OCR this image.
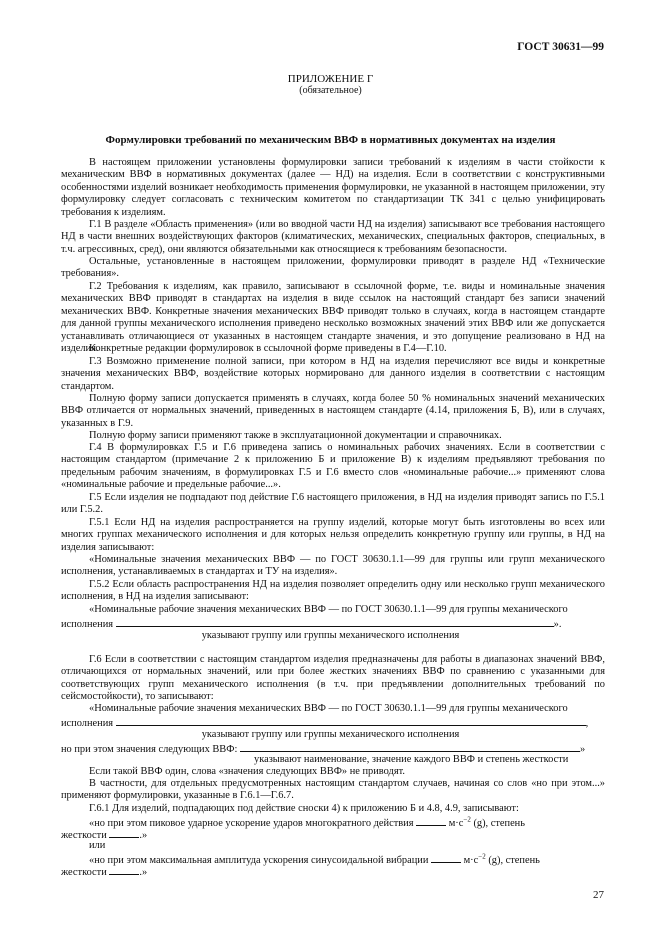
ГОСТ 30631—99
ПРИЛОЖЕНИЕ Г
(обязательное)
Формулировки требований по механическим ВВФ в нормативных документах на изделия
В настоящем приложении установлены формулировки записи требований к изделиям в части стойкости к механическим ВВФ в нормативных документах (далее — НД) на изделия. Если в соответствии с конструктивными особенностями изделий возникает необходимость применения формулировки, не указанной в настоящем приложении, эту формулировку следует согласовать с техническим комитетом по стандартизации ТК 341 с целью унифицировать требования к изделиям.
Г.1 В разделе «Область применения» (или во вводной части НД на изделия) записывают все требования настоящего НД в части внешних воздействующих факторов (климатических, механических, специальных факторов, специальных, в т.ч. агрессивных, сред), они являются обязательными как относящиеся к требованиям безопасности.
Остальные, установленные в настоящем приложении, формулировки приводят в разделе НД «Технические требования».
Г.2 Требования к изделиям, как правило, записывают в ссылочной форме, т.е. виды и номинальные значения механических ВВФ приводят в стандартах на изделия в виде ссылок на настоящий стандарт без записи значений механических ВВФ. Конкретные значения механических ВВФ приводят только в случаях, когда в настоящем стандарте для данной группы механического исполнения приведено несколько возможных значений этих ВВФ или же допускается устанавливать отличающиеся от указанных в настоящем стандарте значения, и это допущение реализовано в НД на изделия.
Конкретные редакции формулировок в ссылочной форме приведены в Г.4—Г.10.
Г.3 Возможно применение полной записи, при котором в НД на изделия перечисляют все виды и конкретные значения механических ВВФ, воздействие которых нормировано для данного изделия в соответствии с настоящим стандартом.
Полную форму записи допускается применять в случаях, когда более 50 % номинальных значений механических ВВФ отличается от нормальных значений, приведенных в настоящем стандарте (4.14, приложения Б, В), или в случаях, указанных в Г.9.
Полную форму записи применяют также в эксплуатационной документации и справочниках.
Г.4 В формулировках Г.5 и Г.6 приведена запись о номинальных рабочих значениях. Если в соответствии с настоящим стандартом (примечание 2 к приложению Б и приложение В) к изделиям предъявляют требования по предельным рабочим значениям, в формулировках Г.5 и Г.6 вместо слов «номинальные рабочие...» применяют слова «номинальные рабочие и предельные рабочие...».
Г.5 Если изделия не подпадают под действие Г.6 настоящего приложения, в НД на изделия приводят запись по Г.5.1 или Г.5.2.
Г.5.1 Если НД на изделия распространяется на группу изделий, которые могут быть изготовлены во всех или многих группах механического исполнения и для которых нельзя определить конкретную группу или группы, в НД на изделия записывают:
«Номинальные значения механических ВВФ — по ГОСТ 30630.1.1—99 для группы или групп механического исполнения, устанавливаемых в стандартах и ТУ на изделия».
Г.5.2 Если область распространения НД на изделия позволяет определить одну или несколько групп механического исполнения, в НД на изделия записывают:
«Номинальные рабочие значения механических ВВФ — по ГОСТ 30630.1.1—99 для группы механического
исполнения	».
указывают группу или группы механического исполнения
Г.6 Если в соответствии с настоящим стандартом изделия предназначены для работы в диапазонах значений ВВФ, отличающихся от нормальных значений, или при более жестких значениях ВВФ по сравнению с указанными для соответствующих групп механического исполнения (в т.ч. при предъявлении дополнительных требований по сейсмостойкости), то записывают:
«Номинальные рабочие значения механических ВВФ — по ГОСТ 30630.1.1—99 для группы механического
исполнения	,
указывают группу или группы механического исполнения
но при этом значения следующих ВВФ:	»
указывают наименование, значение каждого ВВФ и степень жесткости
Если такой ВВФ один, слова «значения следующих ВВФ» не приводят.
В частности, для отдельных предусмотренных настоящим стандартом случаев, начиная со слов «но при этом...» применяют формулировки, указанные в Г.6.1—Г.6.7.
Г.6.1 Для изделий, подпадающих под действие сноски 4) к приложению Б и 4.8, 4.9, записывают:
«но при этом пиковое ударное ускорение ударов многократного действия	$м\cdot с^{-2}$ (g), степень
жесткости	.»
или
«но при этом максимальная амплитуда ускорения синусоидальной вибрации	$м\cdot с^{-2}$ (g), степень
жесткости	.»
27
